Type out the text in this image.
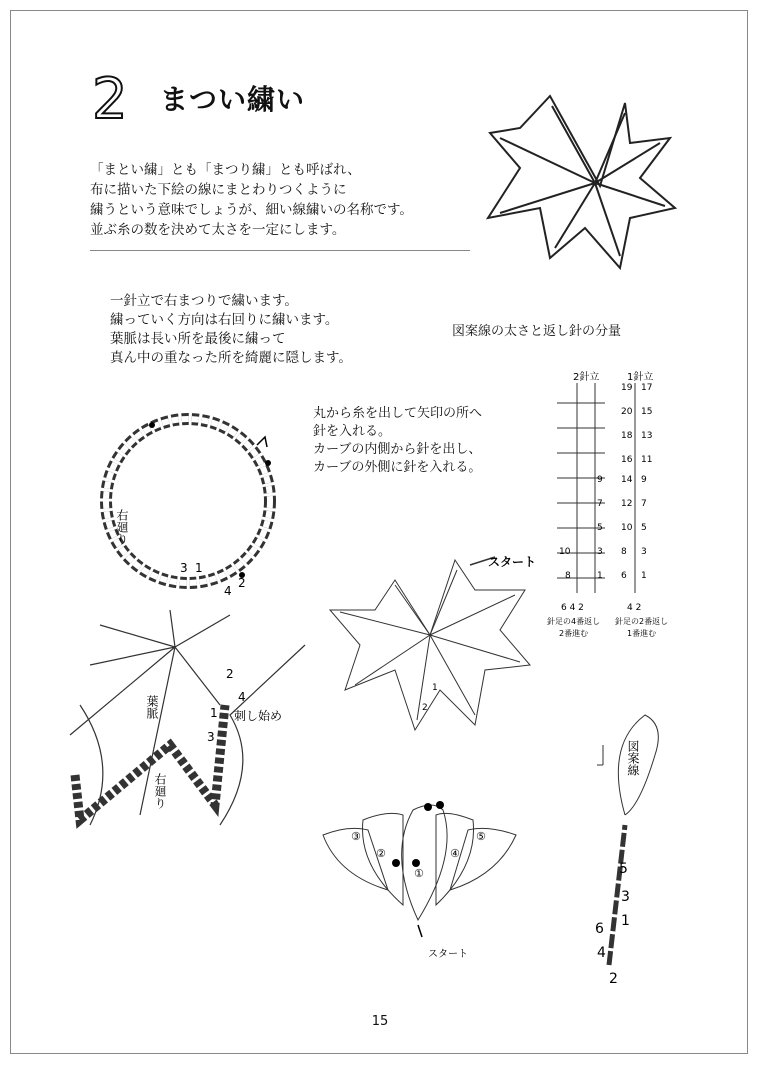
2 まつい繍い
「まとい繍」とも「まつり繍」とも呼ばれ、
布に描いた下絵の線にまとわりつくように
繍うという意味でしょうが、細い線繍いの名称です。
並ぶ糸の数を決めて太さを一定にします。
一針立で右まつりで繍います。
繍っていく方向は右回りに繍います。
葉脈は長い所を最後に繍って
真ん中の重なった所を綺麗に隠します。
図案線の太さと返し針の分量
丸から糸を出して矢印の所へ
針を入れる。
カーブの内側から針を出し、
カーブの外側に針を入れる。
右廻り
3 1
2
4
葉脈
右廻り
2
4
1
3
刺し始め
スタート
1
2
③
②
①
④
⑤
スタート
2針立	1針立
19
20
18
16
14
12
10
8
6
17
15
13
11
9
7
5
3
1
9
7
5
3
1
10
8
6 4 2	4 2
針足の4番返し
2番進む
針足の2番返し
1番進む
図案線
5
3
1
6
4
2
15
